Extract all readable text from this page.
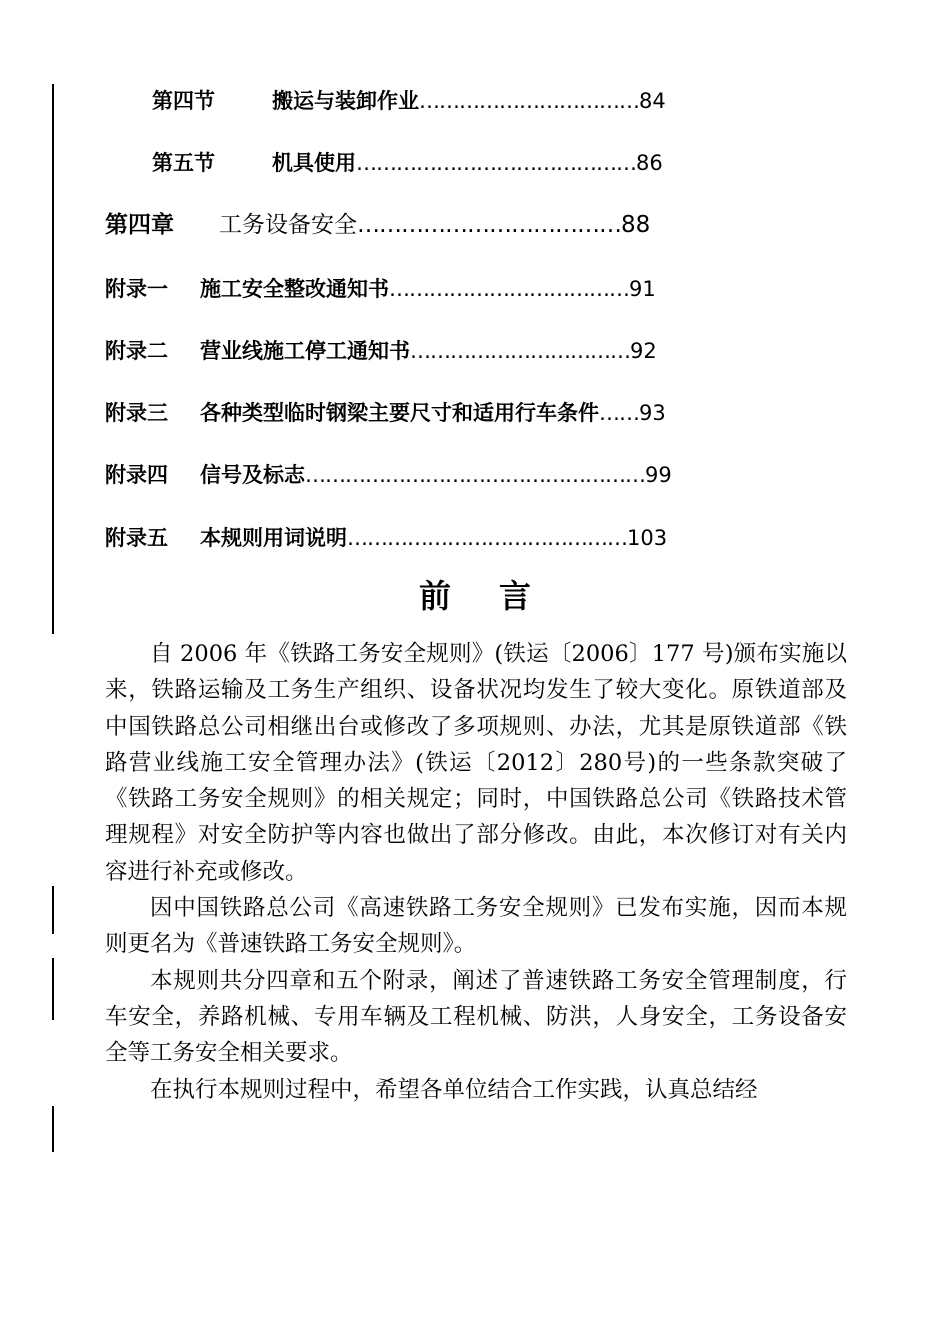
第四节	搬运与装卸作业……………………………84
第五节	机具使用……………………………………86
第四章 工务设备安全………………………………88
附录一 施工安全整改通知书………………………………91
附录二 营业线施工停工通知书……………………………92
附录三 各种类型临时钢梁主要尺寸和适用行车条件……93
附录四 信号及标志……………………………………………99
附录五 本规则用词说明……………………………………103
前言

自 2006 年《铁路工务安全规则》(铁运〔2006〕177 号)颁布实施以来，铁路运输及工务生产组织、设备状况均发生了较大变化。原铁道部及中国铁路总公司相继出台或修改了多项规则、办法，尤其是原铁道部《铁路营业线施工安全管理办法》(铁运〔2012〕280号)的一些条款突破了《铁路工务安全规则》的相关规定；同时，中国铁路总公司《铁路技术管理规程》对安全防护等内容也做出了部分修改。由此，本次修订对有关内容进行补充或修改。

因中国铁路总公司《高速铁路工务安全规则》已发布实施，因而本规则更名为《普速铁路工务安全规则》。

本规则共分四章和五个附录，阐述了普速铁路工务安全管理制度，行车安全，养路机械、专用车辆及工程机械、防洪，人身安全，工务设备安全等工务安全相关要求。

在执行本规则过程中，希望各单位结合工作实践，认真总结经
